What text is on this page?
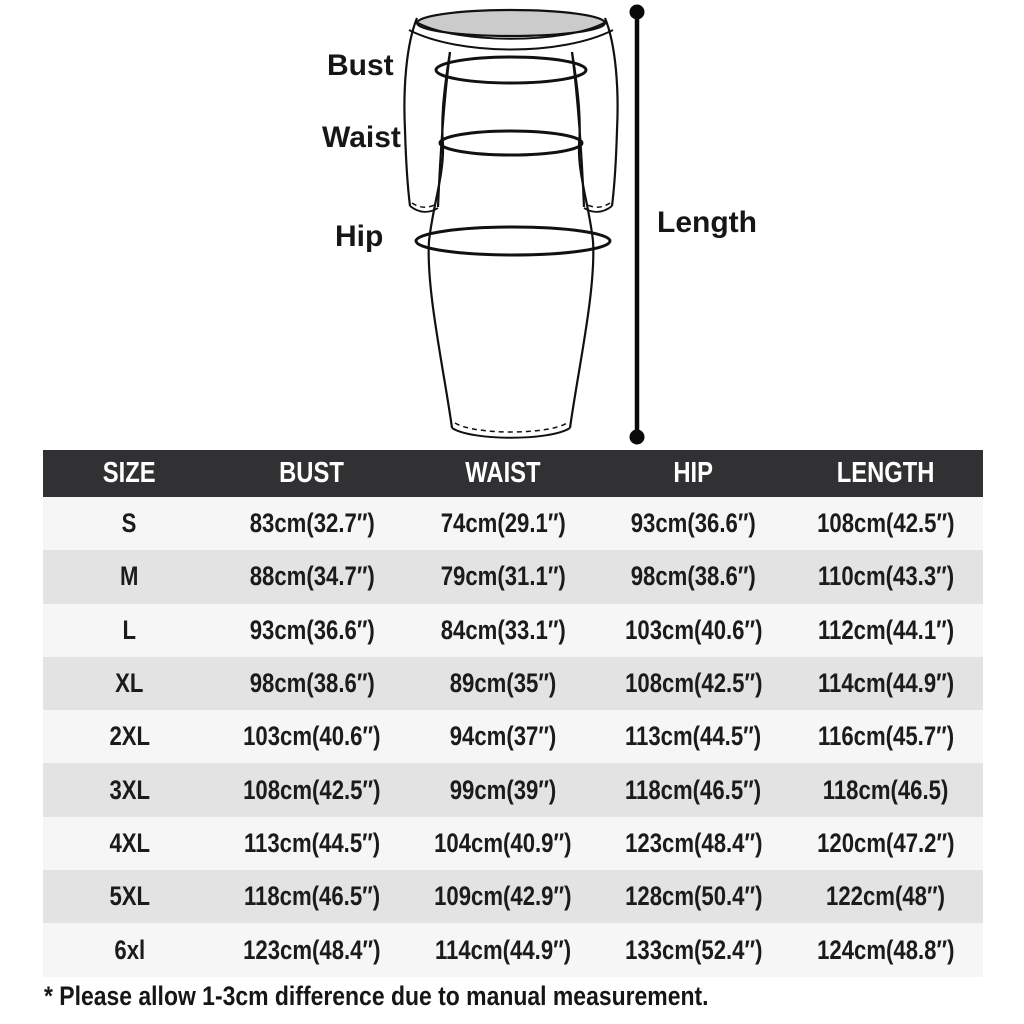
Bust
Waist
Hip	Length
SIZE	BUST	WAIST	HIP	LENGTH
S	83cm(32.7″) 74cm(29.1″) 93cm(36.6″) 108cm(42.5″)
M	88cm(34.7″) 79cm(31.1″) 98cm(38.6″) 110cm(43.3″)
L	93cm(36.6″) 84cm(33.1″) 103cm(40.6″) 112cm(44.1″)
XL	98cm(38.6″)	89cm(35″)	108cm(42.5″) 114cm(44.9″)
2XL	103cm(40.6″)	94cm(37″)	113cm(44.5″) 116cm(45.7″)
3XL	108cm(42.5″)	99cm(39″)	118cm(46.5″) 118cm(46.5)
4XL	113cm(44.5″) 104cm(40.9″) 123cm(48.4″) 120cm(47.2″)
5XL	118cm(46.5″) 109cm(42.9″) 128cm(50.4″) 122cm(48″)
6xl	123cm(48.4″) 114cm(44.9″) 133cm(52.4″) 124cm(48.8″)
* Please allow 1-3cm difference due to manual measurement.
